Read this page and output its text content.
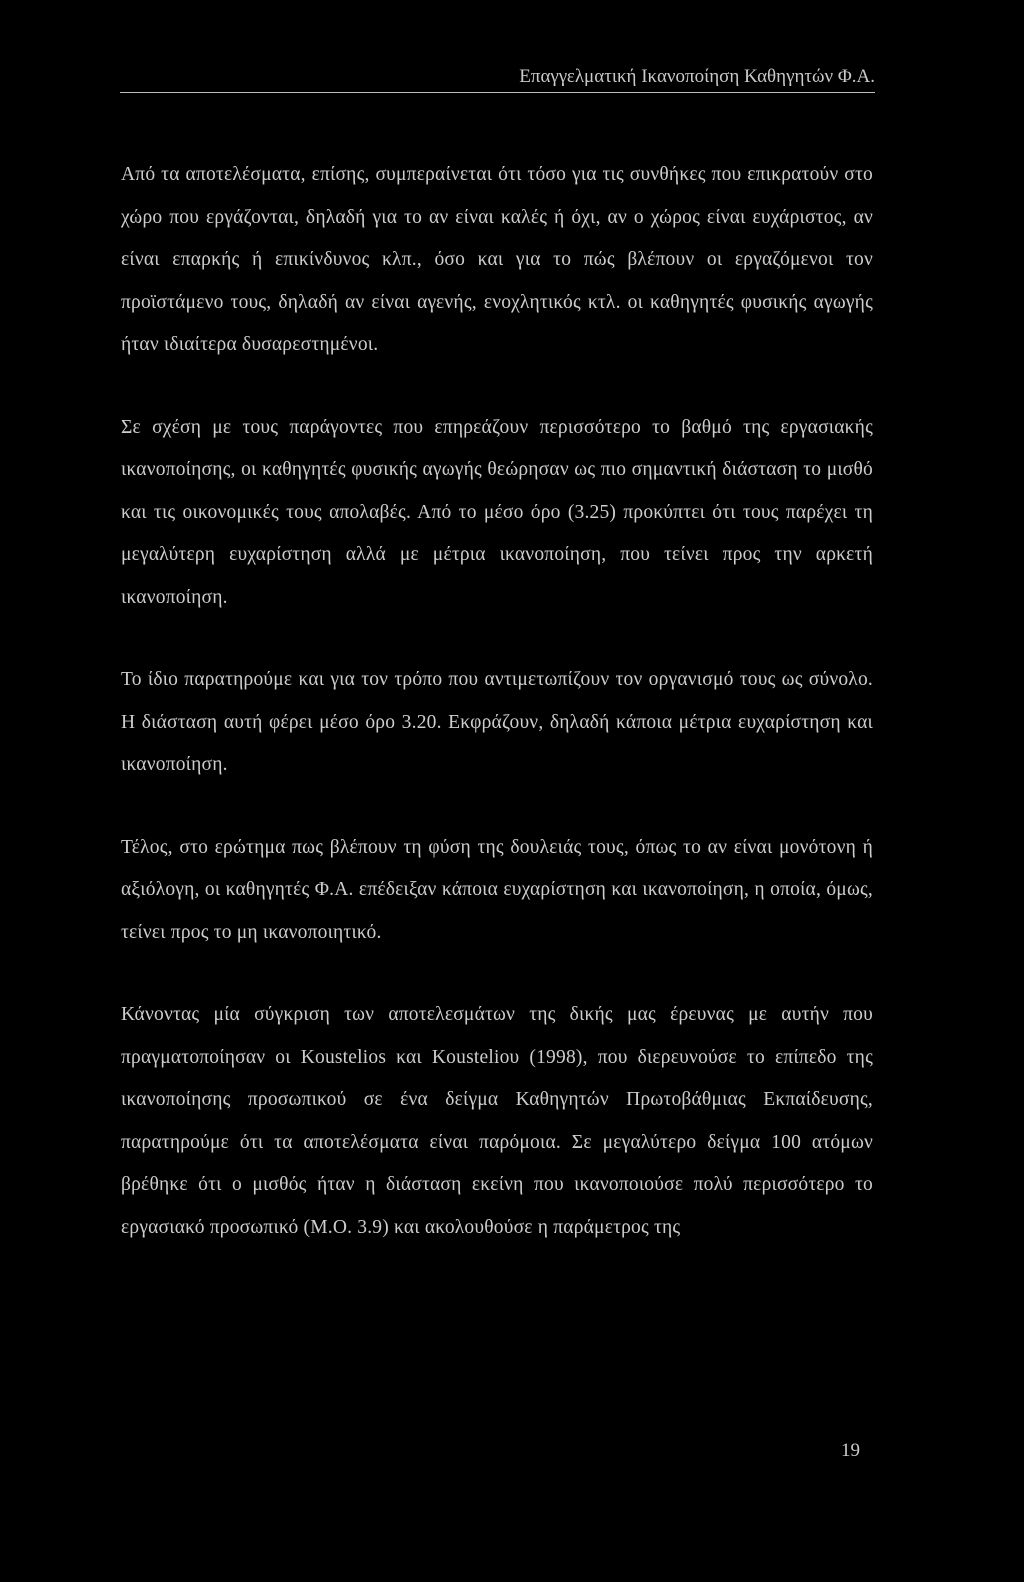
Επαγγελματική Ικανοποίηση Καθηγητών Φ.Α.

Από τα αποτελέσματα, επίσης, συμπεραίνεται ότι τόσο για τις συνθήκες που επικρατούν στο χώρο που εργάζονται, δηλαδή για το αν είναι καλές ή όχι, αν ο χώρος είναι ευχάριστος, αν είναι επαρκής ή επικίνδυνος κλπ., όσο και για το πώς βλέπουν οι εργαζόμενοι τον προϊστάμενο τους, δηλαδή αν είναι αγενής, ενοχλητικός κτλ. οι καθηγητές φυσικής αγωγής ήταν ιδιαίτερα δυσαρεστημένοι.

Σε σχέση με τους παράγοντες που επηρεάζουν περισσότερο το βαθμό της εργασιακής ικανοποίησης, οι καθηγητές φυσικής αγωγής θεώρησαν ως πιο σημαντική διάσταση το μισθό και τις οικονομικές τους απολαβές. Από το μέσο όρο (3.25) προκύπτει ότι τους παρέχει τη μεγαλύτερη ευχαρίστηση αλλά με μέτρια ικανοποίηση, που τείνει προς την αρκετή ικανοποίηση.

Το ίδιο παρατηρούμε και για τον τρόπο που αντιμετωπίζουν τον οργανισμό τους ως σύνολο. Η διάσταση αυτή φέρει μέσο όρο 3.20. Εκφράζουν, δηλαδή κάποια μέτρια ευχαρίστηση και ικανοποίηση.

Τέλος, στο ερώτημα πως βλέπουν τη φύση της δουλειάς τους, όπως το αν είναι μονότονη ή αξιόλογη, οι καθηγητές Φ.Α. επέδειξαν κάποια ευχαρίστηση και ικανοποίηση, η οποία, όμως, τείνει προς το μη ικανοποιητικό.

Κάνοντας μία σύγκριση των αποτελεσμάτων της δικής μας έρευνας με αυτήν που πραγματοποίησαν οι Koustelios και Koustelioυ (1998), που διερευνούσε το επίπεδο της ικανοποίησης προσωπικού σε ένα δείγμα Καθηγητών Πρωτοβάθμιας Εκπαίδευσης, παρατηρούμε ότι τα αποτελέσματα είναι παρόμοια. Σε μεγαλύτερο δείγμα 100 ατόμων βρέθηκε ότι ο μισθός ήταν η διάσταση εκείνη που ικανοποιούσε πολύ περισσότερο το εργασιακό προσωπικό (Μ.Ο. 3.9) και ακολουθούσε η παράμετρος της

19
